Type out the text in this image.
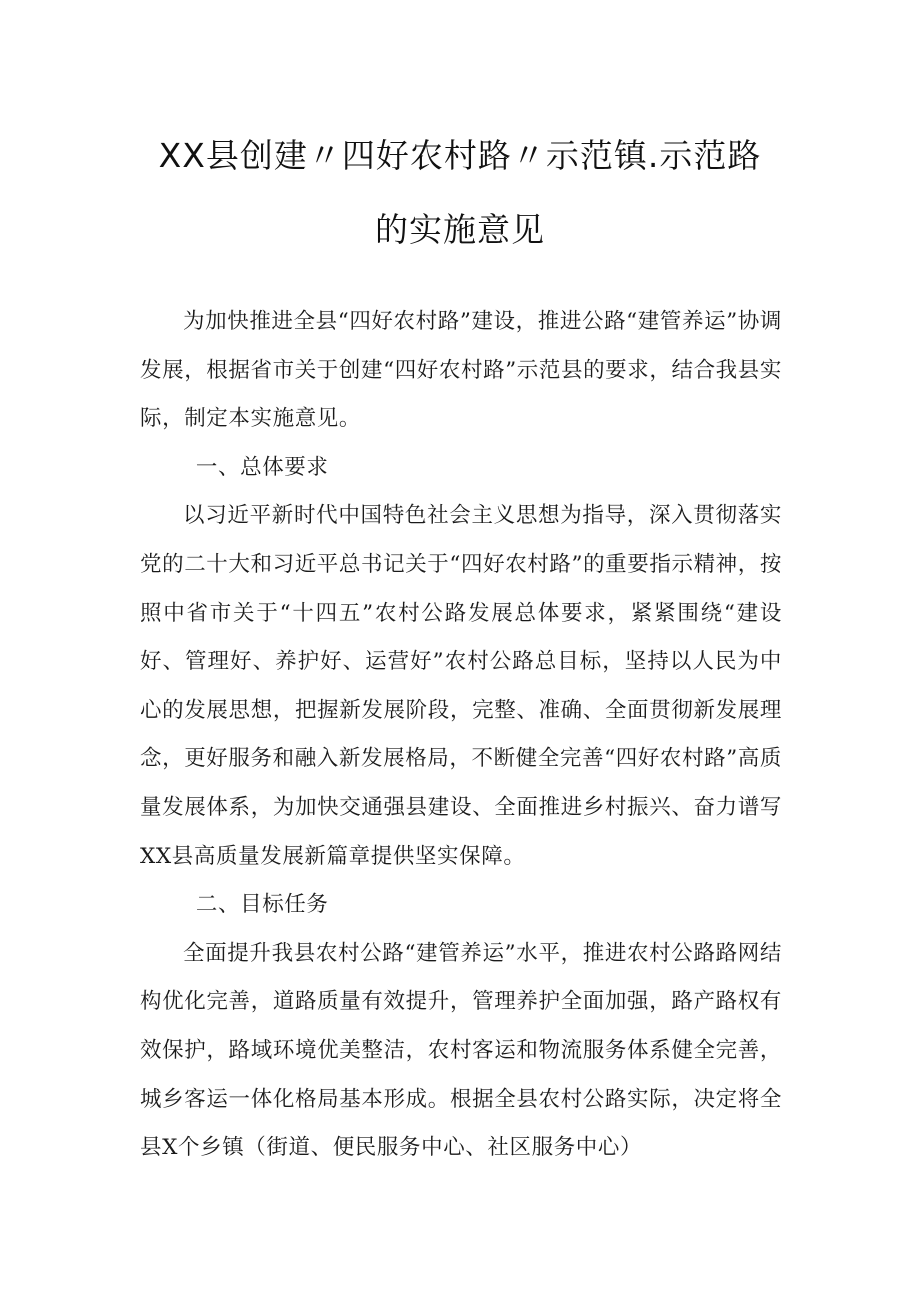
XX县创建〃四好农村路〃示范镇.示范路
的实施意见

为加快推进全县“四好农村路”建设，推进公路“建管养运”协调发展，根据省市关于创建“四好农村路”示范县的要求，结合我县实际，制定本实施意见。

一、总体要求

以习近平新时代中国特色社会主义思想为指导，深入贯彻落实党的二十大和习近平总书记关于“四好农村路”的重要指示精神，按照中省市关于“十四五”农村公路发展总体要求，紧紧围绕“建设好、管理好、养护好、运营好”农村公路总目标，坚持以人民为中心的发展思想，把握新发展阶段，完整、准确、全面贯彻新发展理念，更好服务和融入新发展格局，不断健全完善“四好农村路”高质量发展体系，为加快交通强县建设、全面推进乡村振兴、奋力谱写XX县高质量发展新篇章提供坚实保障。

二、目标任务

全面提升我县农村公路“建管养运”水平，推进农村公路路网结构优化完善，道路质量有效提升，管理养护全面加强，路产路权有效保护，路域环境优美整洁，农村客运和物流服务体系健全完善，城乡客运一体化格局基本形成。根据全县农村公路实际，决定将全县X个乡镇（街道、便民服务中心、社区服务中心）
